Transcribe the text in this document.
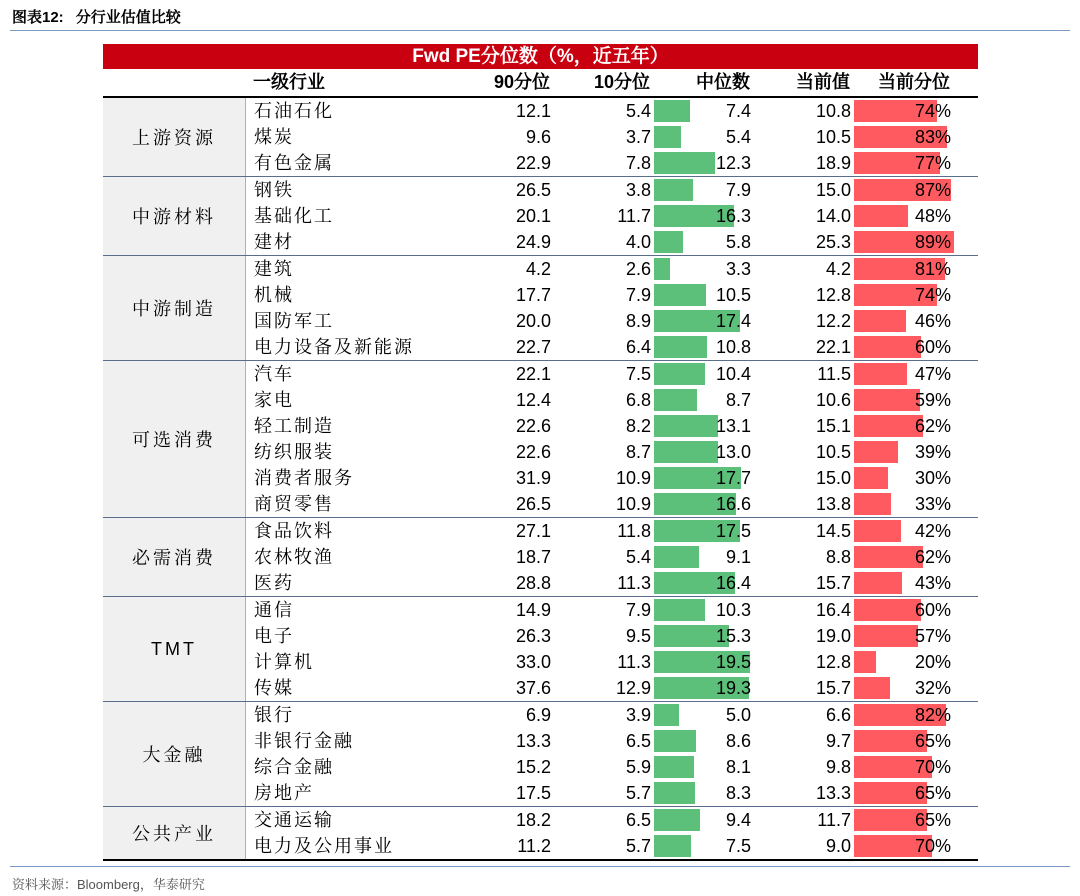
图表12: 分行业估值比较
Fwd PE分位数（%，近五年）
一级行业	90分位	10分位	中位数	当前值	当前分位
上游资源
石油石化	12.1	5.4	7.4	10.8	74%
煤炭	9.6	3.7	5.4	10.5	83%
有色金属	22.9	7.8	12.3	18.9	77%
中游材料
钢铁	26.5	3.8	7.9	15.0	87%
基础化工	20.1	11.7	16.3	14.0	48%
建材	24.9	4.0	5.8	25.3	89%
中游制造
建筑	4.2	2.6	3.3	4.2	81%
机械	17.7	7.9	10.5	12.8	74%
国防军工	20.0	8.9	17.4	12.2	46%
电力设备及新能源	22.7	6.4	10.8	22.1	60%
可选消费
汽车	22.1	7.5	10.4	11.5	47%
家电	12.4	6.8	8.7	10.6	59%
轻工制造	22.6	8.2	13.1	15.1	62%
纺织服装	22.6	8.7	13.0	10.5	39%
消费者服务	31.9	10.9	17.7	15.0	30%
商贸零售	26.5	10.9	16.6	13.8	33%
必需消费
食品饮料	27.1	11.8	17.5	14.5	42%
农林牧渔	18.7	5.4	9.1	8.8	62%
医药	28.8	11.3	16.4	15.7	43%
TMT
通信	14.9	7.9	10.3	16.4	60%
电子	26.3	9.5	15.3	19.0	57%
计算机	33.0	11.3	19.5	12.8	20%
传媒	37.6	12.9	19.3	15.7	32%
大金融
银行	6.9	3.9	5.0	6.6	82%
非银行金融	13.3	6.5	8.6	9.7	65%
综合金融	15.2	5.9	8.1	9.8	70%
房地产	17.5	5.7	8.3	13.3	65%
公共产业
交通运输	18.2	6.5	9.4	11.7	65%
电力及公用事业	11.2	5.7	7.5	9.0	70%
资料来源：Bloomberg，华泰研究
